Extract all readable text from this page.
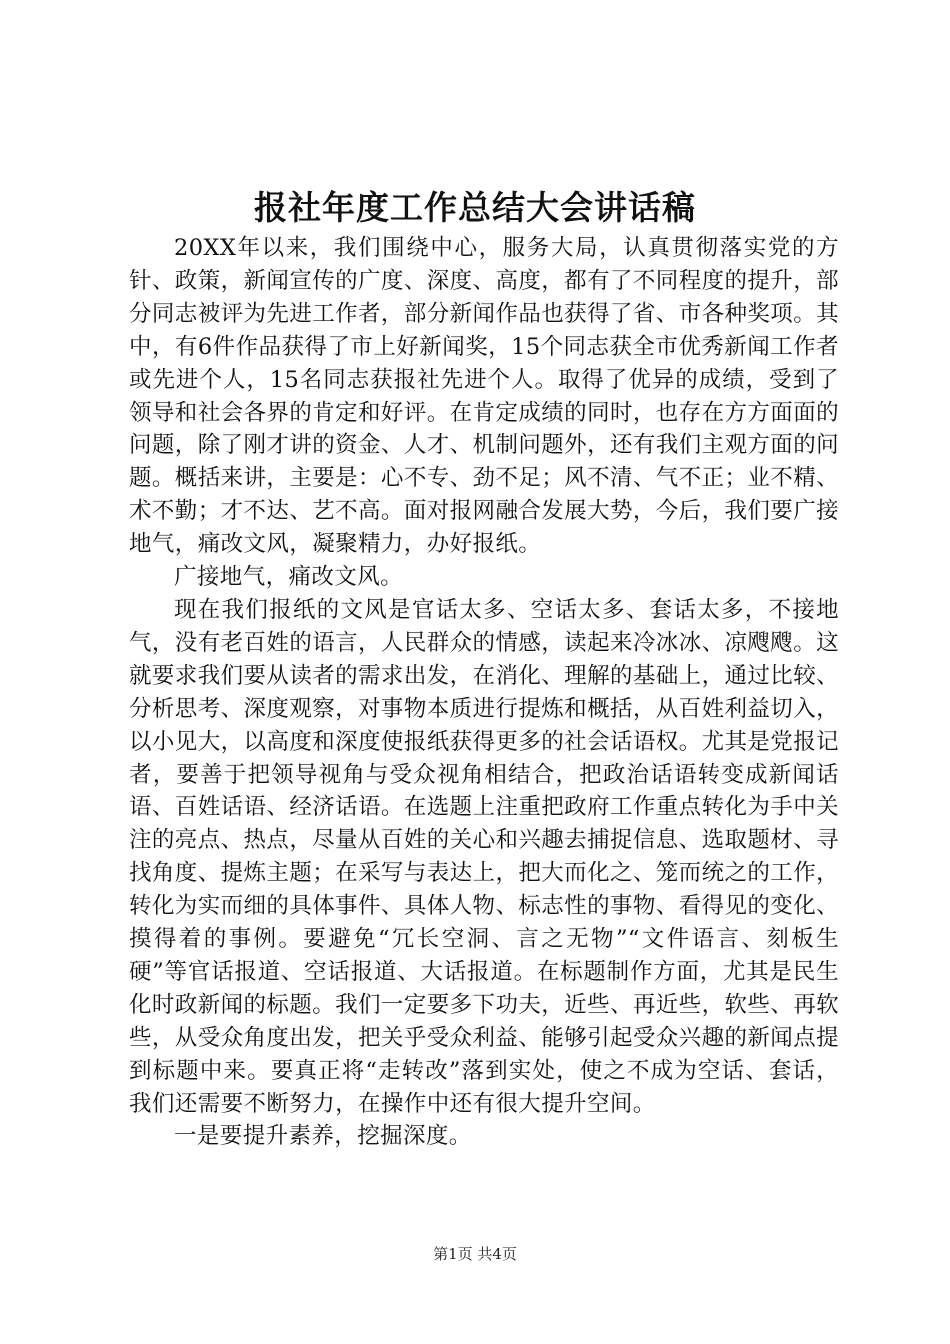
报社年度工作总结大会讲话稿

20XX年以来，我们围绕中心，服务大局，认真贯彻落实党的方针、政策，新闻宣传的广度、深度、高度，都有了不同程度的提升，部分同志被评为先进工作者，部分新闻作品也获得了省、市各种奖项。其中，有6件作品获得了市上好新闻奖，15个同志获全市优秀新闻工作者或先进个人，15名同志获报社先进个人。取得了优异的成绩，受到了领导和社会各界的肯定和好评。在肯定成绩的同时，也存在方方面面的问题，除了刚才讲的资金、人才、机制问题外，还有我们主观方面的问题。概括来讲，主要是：心不专、劲不足；风不清、气不正；业不精、术不勤；才不达、艺不高。面对报网融合发展大势，今后，我们要广接地气，痛改文风，凝聚精力，办好报纸。

广接地气，痛改文风。

现在我们报纸的文风是官话太多、空话太多、套话太多，不接地气，没有老百姓的语言，人民群众的情感，读起来冷冰冰、凉飕飕。这就要求我们要从读者的需求出发，在消化、理解的基础上，通过比较、分析思考、深度观察，对事物本质进行提炼和概括，从百姓利益切入，以小见大，以高度和深度使报纸获得更多的社会话语权。尤其是党报记者，要善于把领导视角与受众视角相结合，把政治话语转变成新闻话语、百姓话语、经济话语。在选题上注重把政府工作重点转化为手中关注的亮点、热点，尽量从百姓的关心和兴趣去捕捉信息、选取题材、寻找角度、提炼主题；在采写与表达上，把大而化之、笼而统之的工作，转化为实而细的具体事件、具体人物、标志性的事物、看得见的变化、摸得着的事例。要避免“冗长空洞、言之无物”“文件语言、刻板生硬”等官话报道、空话报道、大话报道。在标题制作方面，尤其是民生化时政新闻的标题。我们一定要多下功夫，近些、再近些，软些、再软些，从受众角度出发，把关乎受众利益、能够引起受众兴趣的新闻点提到标题中来。要真正将“走转改”落到实处，使之不成为空话、套话，我们还需要不断努力，在操作中还有很大提升空间。

一是要提升素养，挖掘深度。

第1页 共4页
